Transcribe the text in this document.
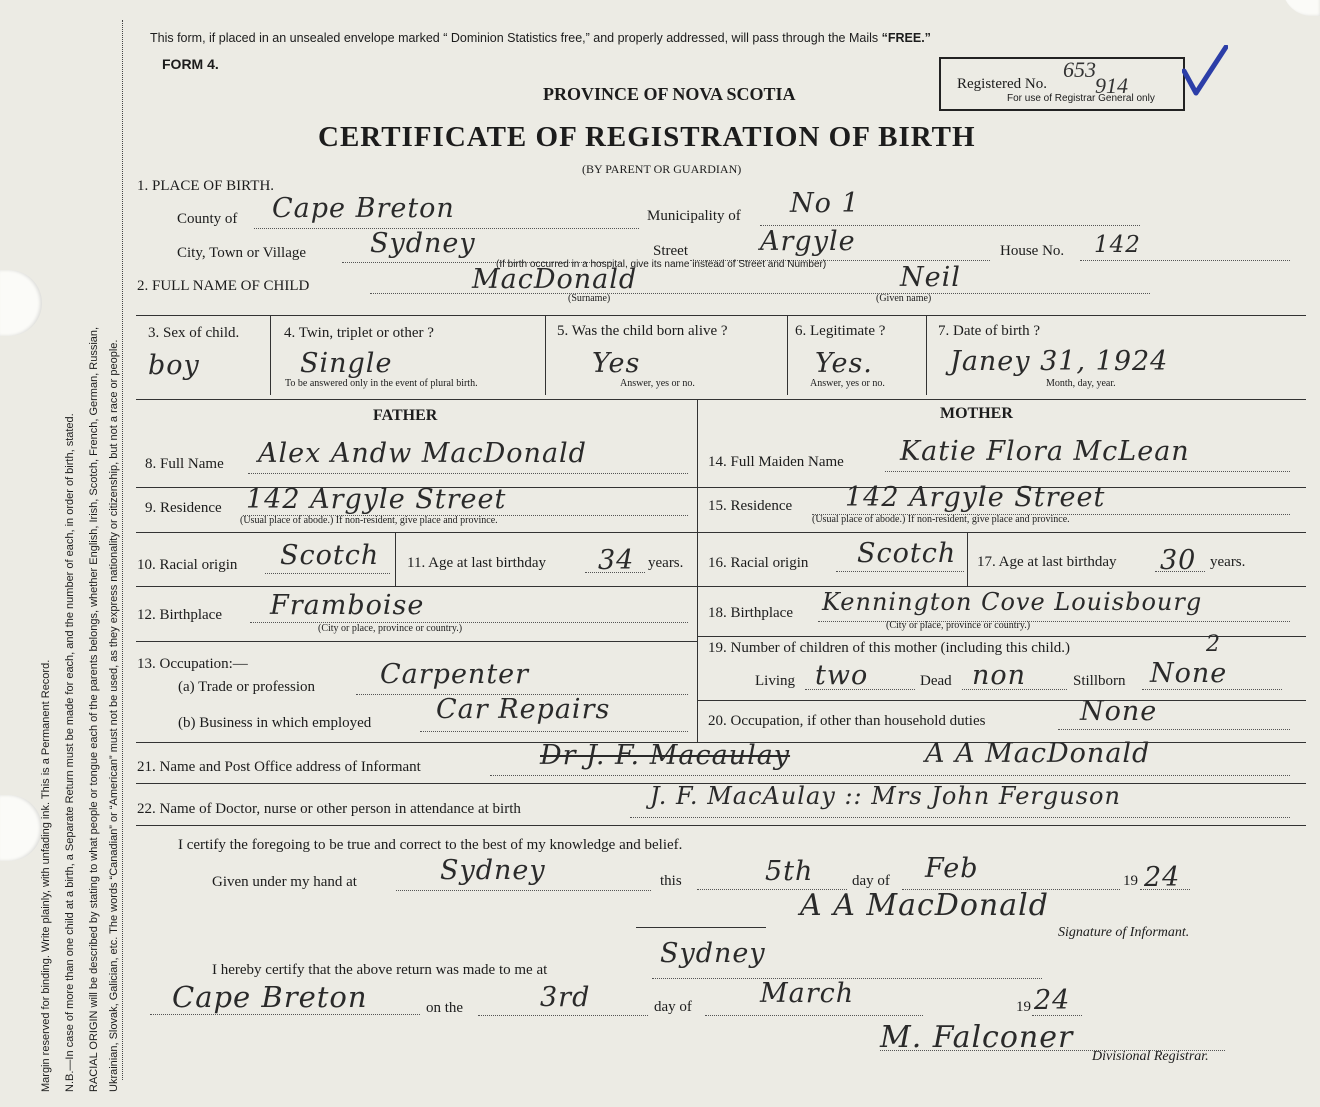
Margin reserved for binding. Write plainly, with unfading ink. This is a Permanent Record. N.B.—In case of more than one child at a birth, a Separate Return must be made for each, and the number of each, in order of birth, stated. RACIAL ORIGIN will be described by stating to what people or tongue each of the parents belongs, whether English, Irish, Scotch, French, German, Russian, Ukrainian, Slovak, Galician, etc. The words “Canadian” or “American” must not be used, as they express nationality or citizenship, but not a race or people.
This form, if placed in an unsealed envelope marked “ Dominion Statistics free,” and properly addressed, will pass through the Mails “FREE.”
FORM 4.
PROVINCE OF NOVA SCOTIA
CERTIFICATE OF REGISTRATION OF BIRTH
(BY PARENT OR GUARDIAN)
Registered No.
For use of Registrar General only
653
914
1. PLACE OF BIRTH.
County of Cape Breton	Municipality of No 1
City, Town or Village Sydney	Street	Argyle	House No. 142
(If birth occurred in a hospital, give its name instead of Street and Number)
2. FULL NAME OF CHILD	MacDonald	Neil
(Surname)	(Given name)
3. Sex of child.
boy
4. Twin, triplet or other ?
Single
To be answered only in the event of plural birth.
5. Was the child born alive ?
Yes
Answer, yes or no.
6. Legitimate ?
Yes.
Answer, yes or no.
7. Date of birth ?
Janey 31, 1924
Month, day, year.
FATHER	MOTHER
8. Full Name Alex Andw MacDonald
9. Residence 142 Argyle Street
(Usual place of abode.) If non-resident, give place and province.
10. Racial origin Scotch 11. Age at last birthday 34 years.
12. Birthplace Framboise
(City or place, province or country.)
13. Occupation:—
(a) Trade or profession Carpenter
(b) Business in which employed Car Repairs
14. Full Maiden Name Katie Flora McLean
15. Residence 142 Argyle Street
(Usual place of abode.) If non-resident, give place and province.
16. Racial origin Scotch 17. Age at last birthday 30 years.
18. Birthplace Kennington Cove Louisbourg
(City or place, province or country.)
19. Number of children of this mother (including this child.)	2
Living two	Dead non	Stillborn None
20. Occupation, if other than household duties	None
21. Name and Post Office address of Informant	Dr J. F. Macaulay	A A MacDonald
22. Name of Doctor, nurse or other person in attendance at birth	J. F. MacAulay :: Mrs John Ferguson
I certify the foregoing to be true and correct to the best of my knowledge and belief.
Given under my hand at	Sydney	this	5th	day of Feb	19 24
A A MacDonald
Signature of Informant.
I hereby certify that the above return was made to me at
Sydney
Cape Breton	on the	3rd	day of	March	19 24
M. Falconer
Divisional Registrar.
